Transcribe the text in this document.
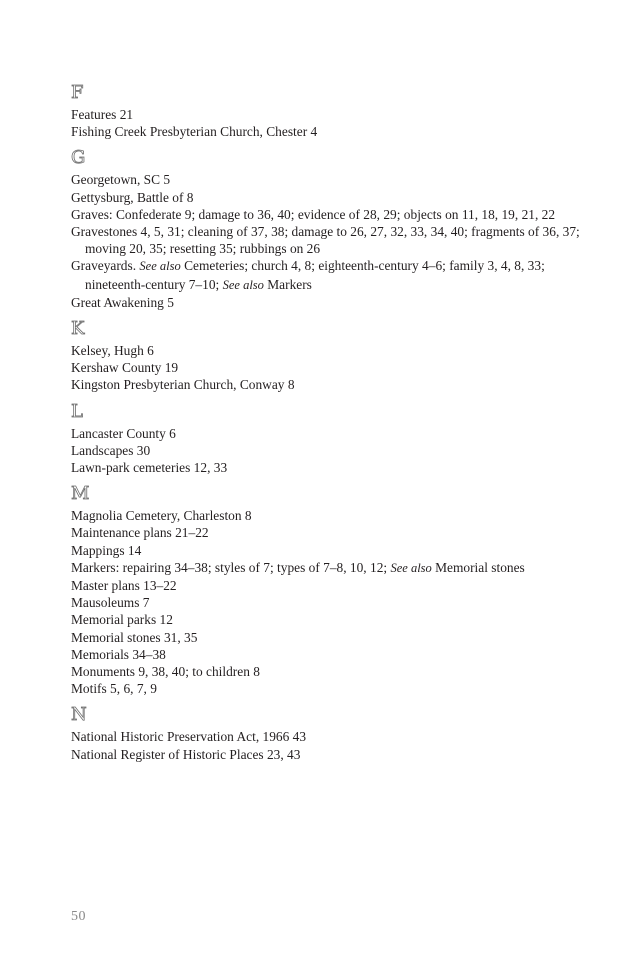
F
Features 21
Fishing Creek Presbyterian Church, Chester 4
G
Georgetown, SC 5
Gettysburg, Battle of 8
Graves: Confederate 9; damage to 36, 40; evidence of 28, 29; objects on 11, 18, 19, 21, 22
Gravestones 4, 5, 31; cleaning of 37, 38; damage to 26, 27, 32, 33, 34, 40; fragments of 36, 37; moving 20, 35; resetting 35; rubbings on 26
Graveyards. See also Cemeteries; church 4, 8; eighteenth-century 4–6; family 3, 4, 8, 33; nineteenth-century 7–10; See also Markers
Great Awakening 5
K
Kelsey, Hugh 6
Kershaw County 19
Kingston Presbyterian Church, Conway 8
L
Lancaster County 6
Landscapes 30
Lawn-park cemeteries 12, 33
M
Magnolia Cemetery, Charleston 8
Maintenance plans 21–22
Mappings 14
Markers: repairing 34–38; styles of 7; types of 7–8, 10, 12; See also Memorial stones
Master plans 13–22
Mausoleums 7
Memorial parks 12
Memorial stones 31, 35
Memorials 34–38
Monuments 9, 38, 40; to children 8
Motifs 5, 6, 7, 9
N
National Historic Preservation Act, 1966 43
National Register of Historic Places 23, 43
50
